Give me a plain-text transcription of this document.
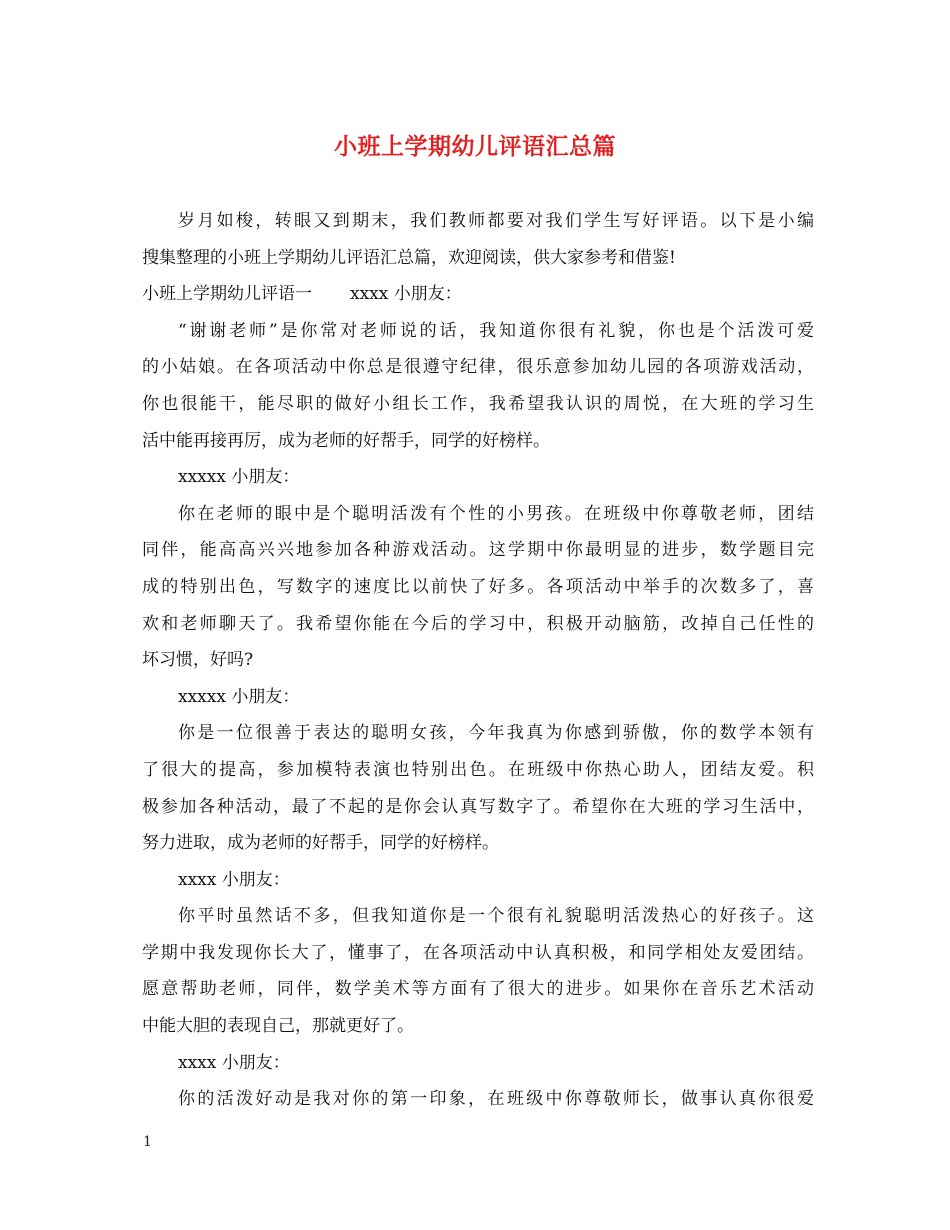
小班上学期幼儿评语汇总篇
岁月如梭，转眼又到期末，我们教师都要对我们学生写好评语。以下是小编
搜集整理的小班上学期幼儿评语汇总篇，欢迎阅读，供大家参考和借鉴!
小班上学期幼儿评语一 xxxx 小朋友：
“谢谢老师”是你常对老师说的话，我知道你很有礼貌，你也是个活泼可爱
的小姑娘。在各项活动中你总是很遵守纪律，很乐意参加幼儿园的各项游戏活动，
你也很能干，能尽职的做好小组长工作，我希望我认识的周悦，在大班的学习生
活中能再接再厉，成为老师的好帮手，同学的好榜样。
xxxxx 小朋友：
你在老师的眼中是个聪明活泼有个性的小男孩。在班级中你尊敬老师，团结
同伴，能高高兴兴地参加各种游戏活动。这学期中你最明显的进步，数学题目完
成的特别出色，写数字的速度比以前快了好多。各项活动中举手的次数多了，喜
欢和老师聊天了。我希望你能在今后的学习中，积极开动脑筋，改掉自己任性的
坏习惯，好吗?
xxxxx 小朋友：
你是一位很善于表达的聪明女孩，今年我真为你感到骄傲，你的数学本领有
了很大的提高，参加模特表演也特别出色。在班级中你热心助人，团结友爱。积
极参加各种活动，最了不起的是你会认真写数字了。希望你在大班的学习生活中，
努力进取，成为老师的好帮手，同学的好榜样。
xxxx 小朋友：
你平时虽然话不多，但我知道你是一个很有礼貌聪明活泼热心的好孩子。这
学期中我发现你长大了，懂事了，在各项活动中认真积极，和同学相处友爱团结。
愿意帮助老师，同伴，数学美术等方面有了很大的进步。如果你在音乐艺术活动
中能大胆的表现自己，那就更好了。
xxxx 小朋友：
你的活泼好动是我对你的第一印象，在班级中你尊敬师长，做事认真你很爱
1
